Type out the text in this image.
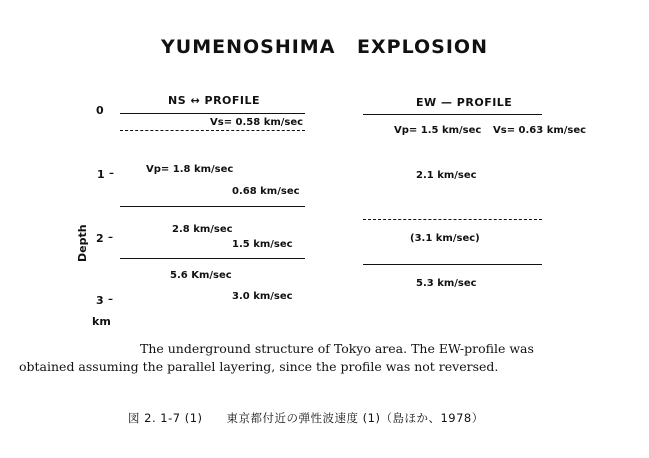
YUMENOSHIMA EXPLOSION
NS ↔ PROFILE	EW — PROFILE
0
1 –
2 –
3 –
km
Depth
Vs= 0.58 km/sec
Vp= 1.8 km/sec
0.68 km/sec
2.8 km/sec
1.5 km/sec
5.6 Km/sec
3.0 km/sec
Vp= 1.5 km/sec Vs= 0.63 km/sec
2.1 km/sec
(3.1 km/sec)
5.3 km/sec
The underground structure of Tokyo area. The EW-profile was
obtained assuming the parallel layering, since the profile was not reversed.
図 2. 1-7 (1)　　東京都付近の弾性波速度 (1)（島ほか、1978）
